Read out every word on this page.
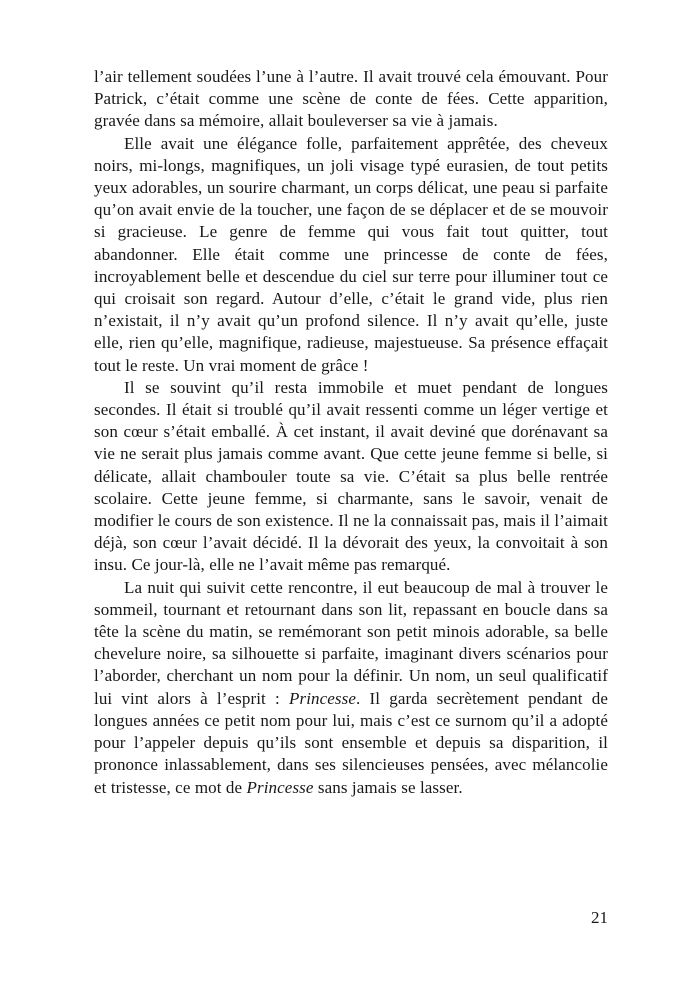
l’air tellement soudées l’une à l’autre. Il avait trouvé cela émouvant. Pour Patrick, c’était comme une scène de conte de fées. Cette apparition, gravée dans sa mémoire, allait bouleverser sa vie à jamais.

Elle avait une élégance folle, parfaitement apprêtée, des cheveux noirs, mi-longs, magnifiques, un joli visage typé eurasien, de tout petits yeux adorables, un sourire charmant, un corps délicat, une peau si parfaite qu’on avait envie de la toucher, une façon de se déplacer et de se mouvoir si gracieuse. Le genre de femme qui vous fait tout quitter, tout abandonner. Elle était comme une princesse de conte de fées, incroyablement belle et descendue du ciel sur terre pour illuminer tout ce qui croisait son regard. Autour d’elle, c’était le grand vide, plus rien n’existait, il n’y avait qu’un profond silence. Il n’y avait qu’elle, juste elle, rien qu’elle, magnifique, radieuse, majestueuse. Sa présence effaçait tout le reste. Un vrai moment de grâce !

Il se souvint qu’il resta immobile et muet pendant de longues secondes. Il était si troublé qu’il avait ressenti comme un léger vertige et son cœur s’était emballé. À cet instant, il avait deviné que dorénavant sa vie ne serait plus jamais comme avant. Que cette jeune femme si belle, si délicate, allait chambouler toute sa vie. C’était sa plus belle rentrée scolaire. Cette jeune femme, si charmante, sans le savoir, venait de modifier le cours de son existence. Il ne la connaissait pas, mais il l’aimait déjà, son cœur l’avait décidé. Il la dévorait des yeux, la convoitait à son insu. Ce jour-là, elle ne l’avait même pas remarqué.

La nuit qui suivit cette rencontre, il eut beaucoup de mal à trouver le sommeil, tournant et retournant dans son lit, repassant en boucle dans sa tête la scène du matin, se remémorant son petit minois adorable, sa belle chevelure noire, sa silhouette si parfaite, imaginant divers scénarios pour l’aborder, cherchant un nom pour la définir. Un nom, un seul qualificatif lui vint alors à l’esprit : Princesse. Il garda secrètement pendant de longues années ce petit nom pour lui, mais c’est ce surnom qu’il a adopté pour l’appeler depuis qu’ils sont ensemble et depuis sa disparition, il prononce inlassablement, dans ses silencieuses pensées, avec mélancolie et tristesse, ce mot de Princesse sans jamais se lasser.

21
